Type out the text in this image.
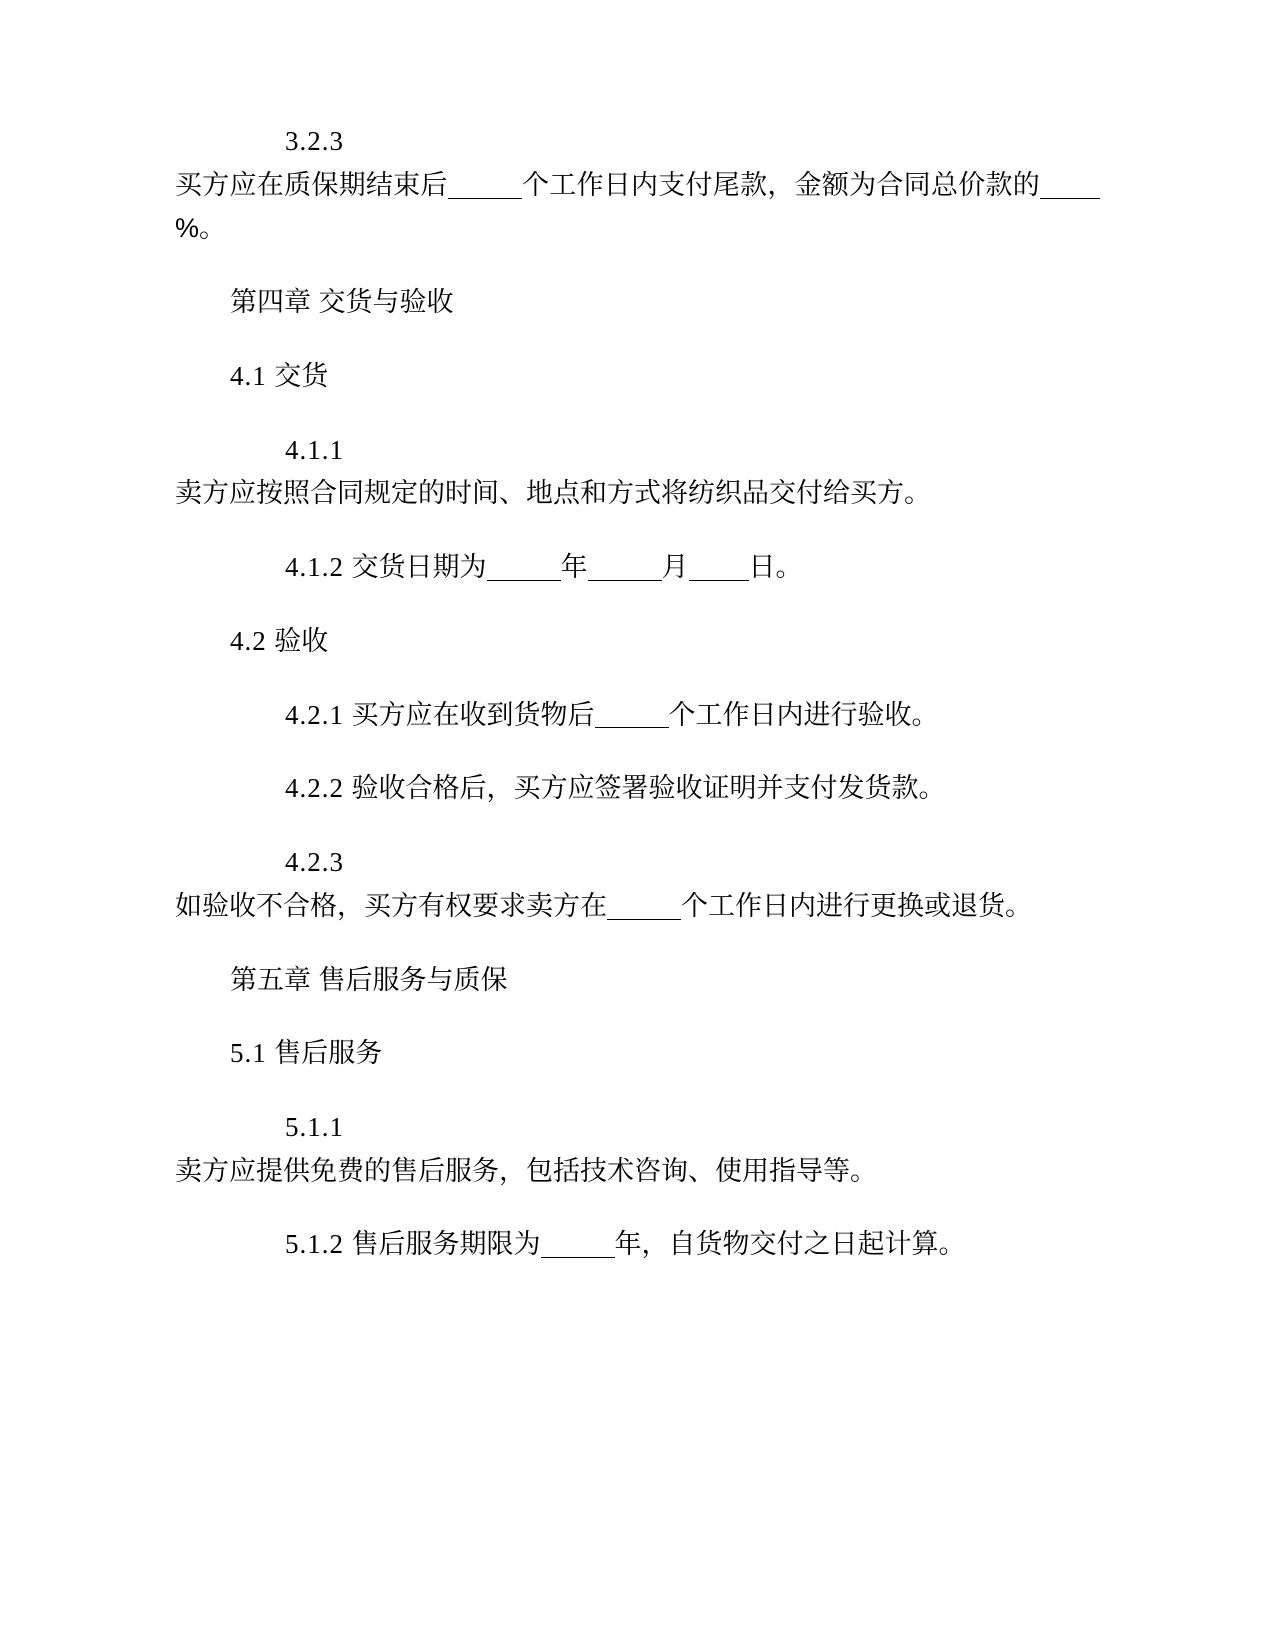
3.2.3
买方应在质保期结束后	个工作日内支付尾款，金额为合同总价款的%。

第四章 交货与验收

4.1 交货

4.1.1
卖方应按照合同规定的时间、地点和方式将纺织品交付给买方。

4.1.2 交货日期为	年	月 日。

4.2 验收

4.2.1 买方应在收到货物后	个工作日内进行验收。

4.2.2 验收合格后，买方应签署验收证明并支付发货款。

4.2.3
如验收不合格，买方有权要求卖方在	个工作日内进行更换或退货。

第五章 售后服务与质保

5.1 售后服务

5.1.1
卖方应提供免费的售后服务，包括技术咨询、使用指导等。

5.1.2 售后服务期限为	年，自货物交付之日起计算。
